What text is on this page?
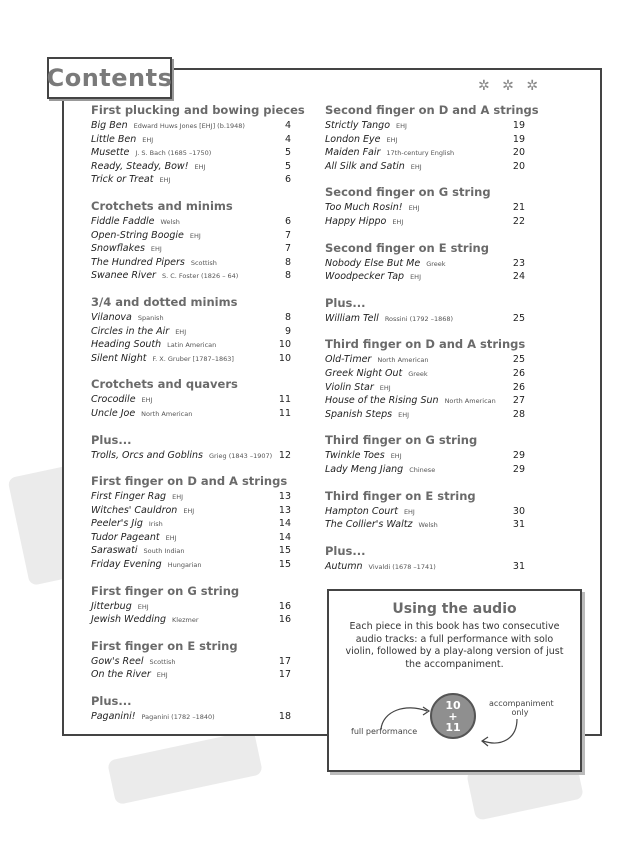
Contents	✲ ✲ ✲
First plucking and bowing pieces
Big Ben Edward Huws Jones [EHJ] (b.1948)	4
Little Ben EHJ	4
Musette J. S. Bach (1685 –1750)	5
Ready, Steady, Bow! EHJ	5
Trick or Treat EHJ	6
Crotchets and minims
Fiddle Faddle Welsh	6
Open-String Boogie EHJ	7
Snowflakes EHJ	7
The Hundred Pipers Scottish	8
Swanee River S. C. Foster (1826 – 64)	8
3/4 and dotted minims
Vilanova Spanish	8
Circles in the Air EHJ	9
Heading South Latin American	10
Silent Night F. X. Gruber [1787–1863]	10
Crotchets and quavers
Crocodile EHJ	11
Uncle Joe North American	11
Plus...
Trolls, Orcs and Goblins Grieg (1843 –1907) 12
First finger on D and A strings
First Finger Rag EHJ	13
Witches' Cauldron EHJ	13
Peeler's Jig Irish	14
Tudor Pageant EHJ	14
Saraswati South Indian	15
Friday Evening Hungarian	15
First finger on G string
Jitterbug EHJ	16
Jewish Wedding Klezmer	16
First finger on E string
Gow's Reel Scottish	17
On the River EHJ	17
Plus...
Paganini! Paganini (1782 –1840)	18
Second finger on D and A strings
Strictly Tango EHJ	19
London Eye EHJ	19
Maiden Fair 17th-century English	20
All Silk and Satin EHJ	20
Second finger on G string
Too Much Rosin! EHJ	21
Happy Hippo EHJ	22
Second finger on E string
Nobody Else But Me Greek	23
Woodpecker Tap EHJ	24
Plus...
William Tell Rossini (1792 –1868)	25
Third finger on D and A strings
Old-Timer North American	25
Greek Night Out Greek	26
Violin Star EHJ	26
House of the Rising Sun North American 27
Spanish Steps EHJ	28
Third finger on G string
Twinkle Toes EHJ	29
Lady Meng Jiang Chinese	29
Third finger on E string
Hampton Court EHJ	30
The Collier's Waltz Welsh	31
Plus...
Autumn Vivaldi (1678 –1741)	31
Using the audio
Each piece in this book has two consecutive audio tracks: a full performance with solo violin, followed by a play-along version of just the accompaniment.
10
+
11
full performance
accompaniment only
